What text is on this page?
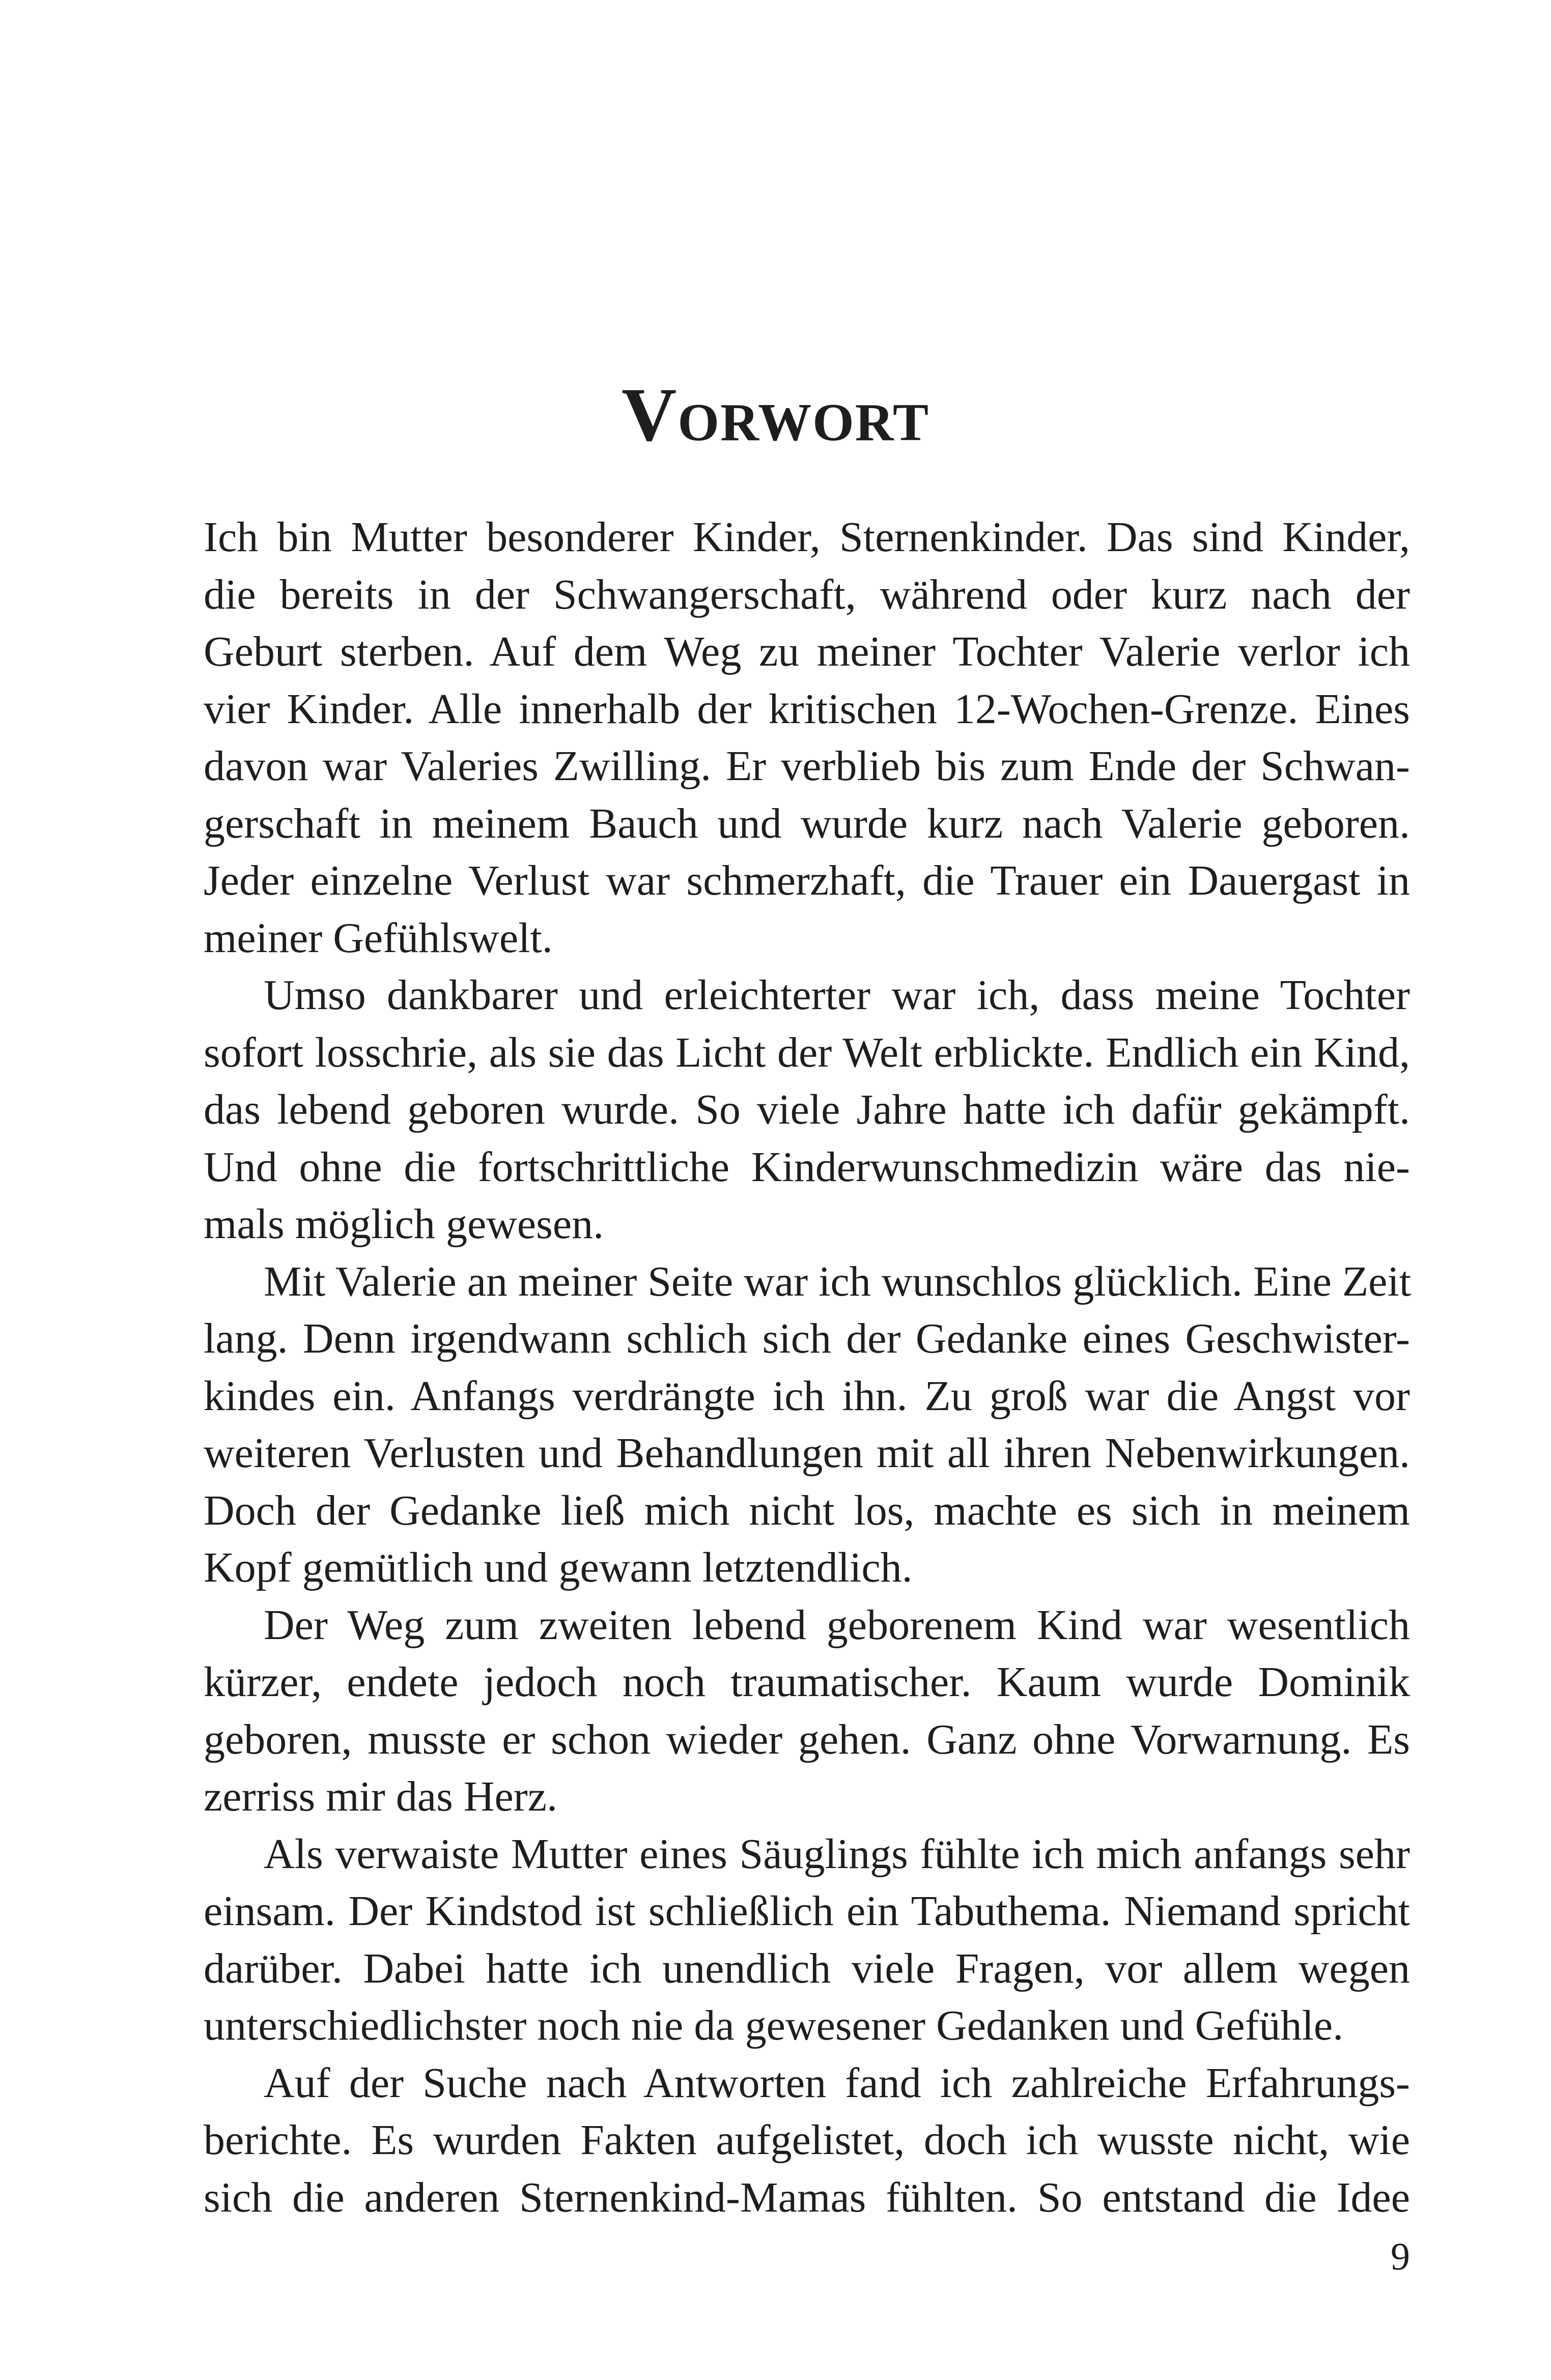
Vorwort
Ich bin Mutter besonderer Kinder, Sternenkinder. Das sind Kinder,
die bereits in der Schwangerschaft, während oder kurz nach der
Geburt sterben. Auf dem Weg zu meiner Tochter Valerie verlor ich
vier Kinder. Alle innerhalb der kritischen 12-Wochen-Grenze. Eines
davon war Valeries Zwilling. Er verblieb bis zum Ende der Schwan-
gerschaft in meinem Bauch und wurde kurz nach Valerie geboren.
Jeder einzelne Verlust war schmerzhaft, die Trauer ein Dauergast in
meiner Gefühlswelt.
Umso dankbarer und erleichterter war ich, dass meine Tochter
sofort losschrie, als sie das Licht der Welt erblickte. Endlich ein Kind,
das lebend geboren wurde. So viele Jahre hatte ich dafür gekämpft.
Und ohne die fortschrittliche Kinderwunschmedizin wäre das nie-
mals möglich gewesen.
Mit Valerie an meiner Seite war ich wunschlos glücklich. Eine Zeit
lang. Denn irgendwann schlich sich der Gedanke eines Geschwister-
kindes ein. Anfangs verdrängte ich ihn. Zu groß war die Angst vor
weiteren Verlusten und Behandlungen mit all ihren Nebenwirkungen.
Doch der Gedanke ließ mich nicht los, machte es sich in meinem
Kopf gemütlich und gewann letztendlich.
Der Weg zum zweiten lebend geborenem Kind war wesentlich
kürzer, endete jedoch noch traumatischer. Kaum wurde Dominik
geboren, musste er schon wieder gehen. Ganz ohne Vorwarnung. Es
zerriss mir das Herz.
Als verwaiste Mutter eines Säuglings fühlte ich mich anfangs sehr
einsam. Der Kindstod ist schließlich ein Tabuthema. Niemand spricht
darüber. Dabei hatte ich unendlich viele Fragen, vor allem wegen
unterschiedlichster noch nie da gewesener Gedanken und Gefühle.
Auf der Suche nach Antworten fand ich zahlreiche Erfahrungs-
berichte. Es wurden Fakten aufgelistet, doch ich wusste nicht, wie
sich die anderen Sternenkind-Mamas fühlten. So entstand die Idee
9
